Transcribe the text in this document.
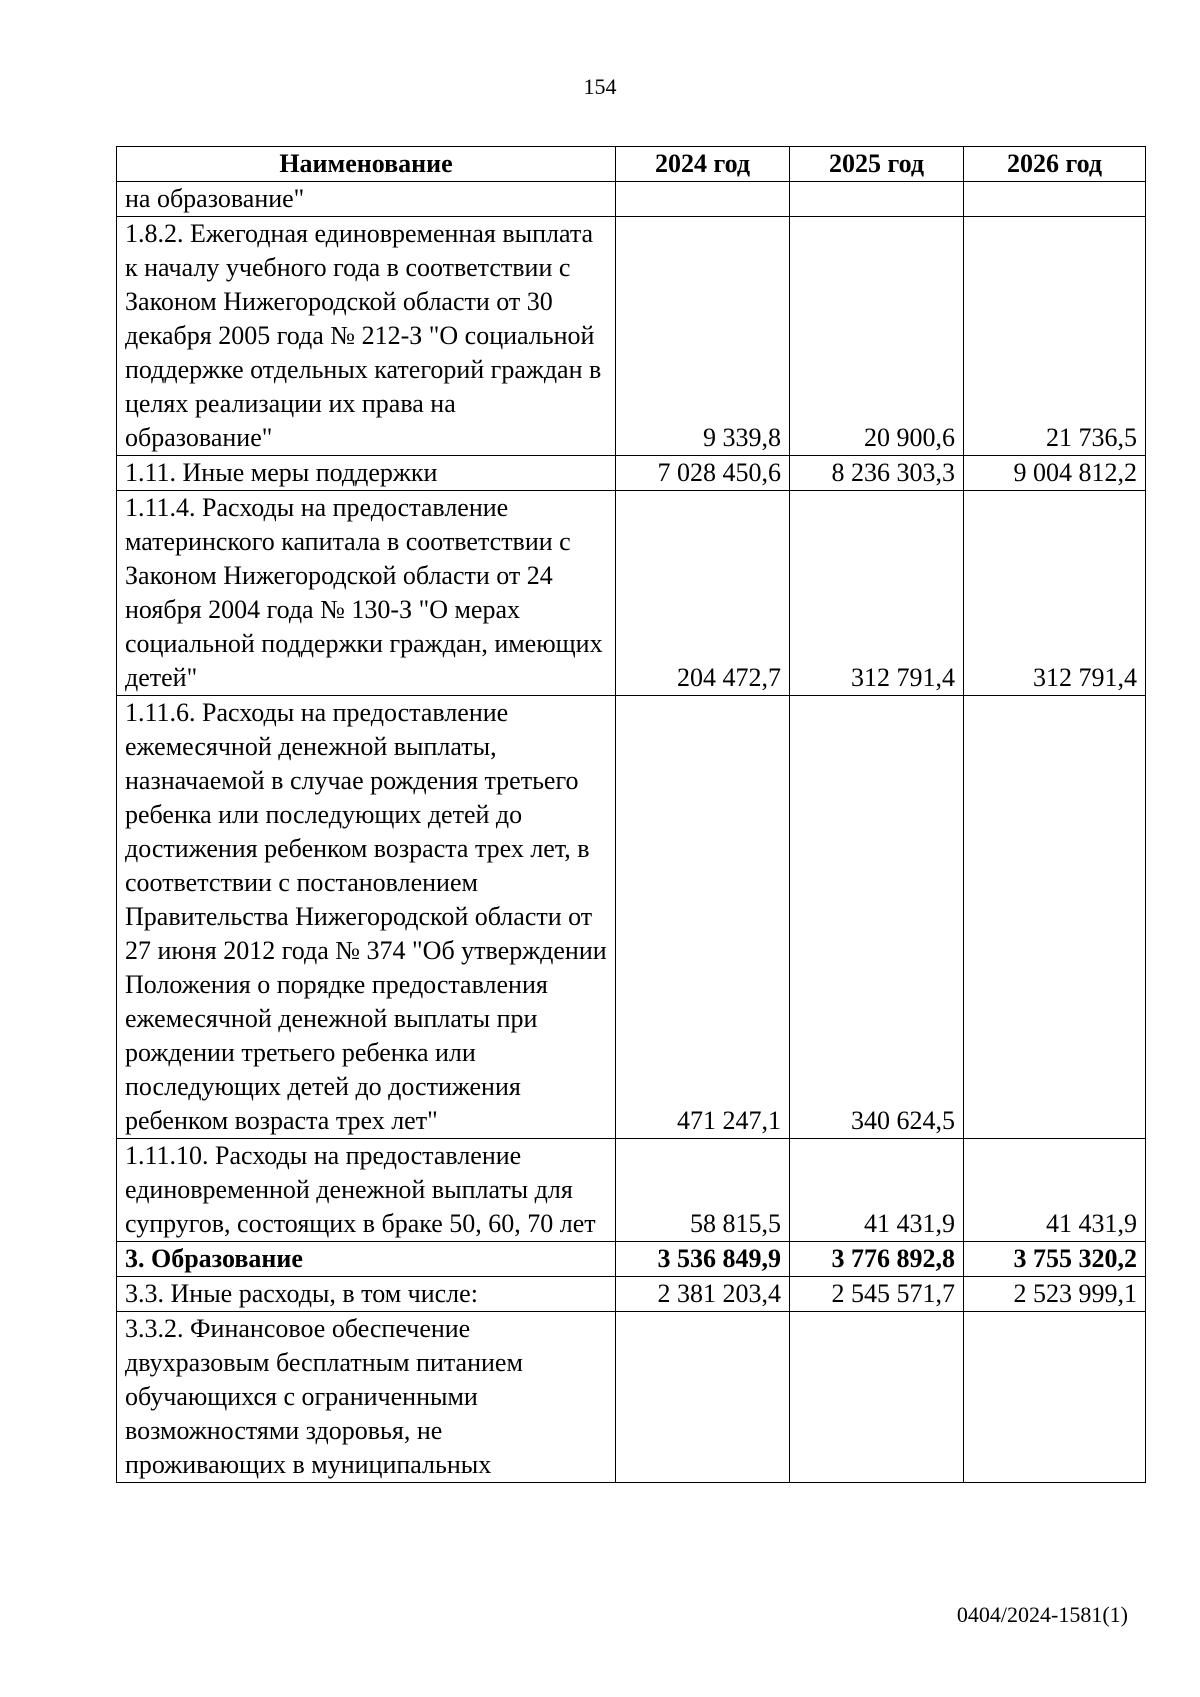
154
Наименование	2024 год	2025 год	2026 год
на образование"			
1.8.2. Ежегодная единовременная выплата к началу учебного года в соответствии с Законом Нижегородской области от 30 декабря 2005 года № 212-З "О социальной поддержке отдельных категорий граждан в целях реализации их права на образование"	9 339,8	20 900,6	21 736,5
1.11. Иные меры поддержки	7 028 450,6	8 236 303,3	9 004 812,2
1.11.4. Расходы на предоставление материнского капитала в соответствии с Законом Нижегородской области от 24 ноября 2004 года № 130-З "О мерах социальной поддержки граждан, имеющих детей"	204 472,7	312 791,4	312 791,4
1.11.6. Расходы на предоставление ежемесячной денежной выплаты, назначаемой в случае рождения третьего ребенка или последующих детей до достижения ребенком возраста трех лет, в соответствии с постановлением Правительства Нижегородской области от 27 июня 2012 года № 374 "Об утверждении Положения о порядке предоставления ежемесячной денежной выплаты при рождении третьего ребенка или последующих детей до достижения ребенком возраста трех лет"	471 247,1	340 624,5	
1.11.10. Расходы на предоставление единовременной денежной выплаты для супругов, состоящих в браке 50, 60, 70 лет	58 815,5	41 431,9	41 431,9
3. Образование	3 536 849,9	3 776 892,8	3 755 320,2
3.3. Иные расходы, в том числе:	2 381 203,4	2 545 571,7	2 523 999,1
3.3.2. Финансовое обеспечение двухразовым бесплатным питанием обучающихся с ограниченными возможностями здоровья, не проживающих в муниципальных			
0404/2024-1581(1)
